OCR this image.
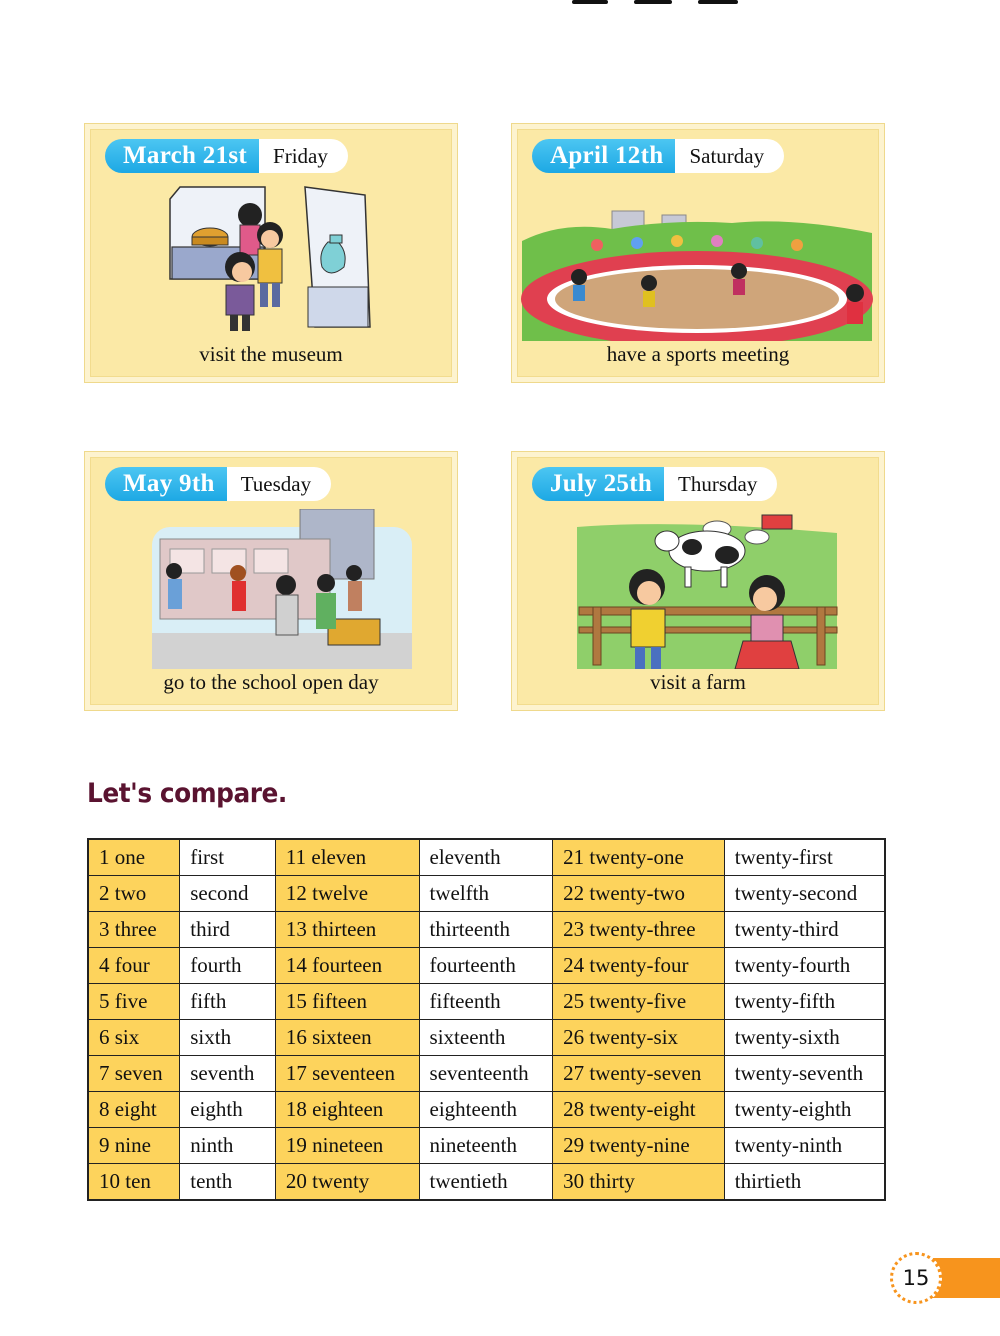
March 21st	Friday
visit the museum
April 12th	Saturday
have a sports meeting
May 9th	Tuesday
go to the school open day
July 25th	Thursday
visit a farm
Let's compare.
1 one	first	11 eleven	eleventh	21 twenty-one	twenty-first
2 two	second	12 twelve	twelfth	22 twenty-two	twenty-second
3 three	third	13 thirteen	thirteenth	23 twenty-three	twenty-third
4 four	fourth	14 fourteen	fourteenth	24 twenty-four	twenty-fourth
5 five	fifth	15 fifteen	fifteenth	25 twenty-five	twenty-fifth
6 six	sixth	16 sixteen	sixteenth	26 twenty-six	twenty-sixth
7 seven	seventh	17 seventeen	seventeenth	27 twenty-seven	twenty-seventh
8 eight	eighth	18 eighteen	eighteenth	28 twenty-eight	twenty-eighth
9 nine	ninth	19 nineteen	nineteenth	29 twenty-nine	twenty-ninth
10 ten	tenth	20 twenty	twentieth	30 thirty	thirtieth
15
